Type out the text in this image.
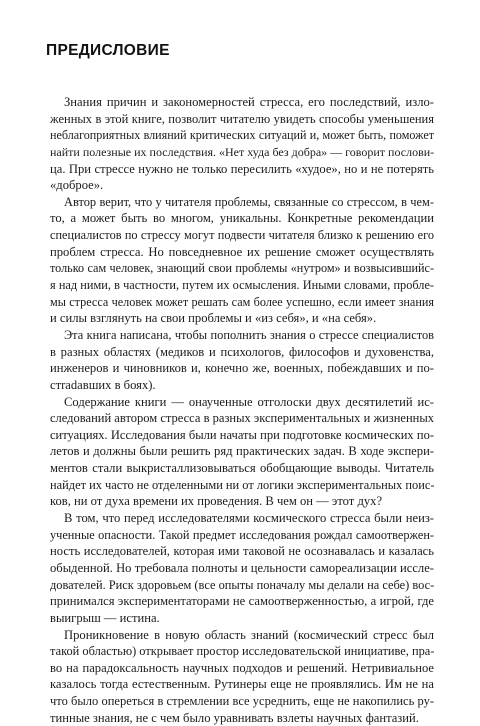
ПРЕДИСЛОВИЕ

Знания причин и закономерностей стресса, его последствий, изло-
женных в этой книге, позволит читателю увидеть способы уменьшения
неблагоприятных влияний критических ситуаций и, может быть, поможет
найти полезные их последствия. «Нет худа без добра» — говорит послови-
ца. При стрессе нужно не только пересилить «худое», но и не потерять
«доброе».

Автор верит, что у читателя проблемы, связанные со стрессом, в чем-
то, а может быть во многом, уникальны. Конкретные рекомендации
специалистов по стрессу могут подвести читателя близко к решению его
проблем стресса. Но повседневное их решение сможет осуществлять
только сам человек, знающий свои проблемы «нутром» и возвысившийс-
я над ними, в частности, путем их осмысления. Иными словами, пробле-
мы стресса человек может решать сам более успешно, если имеет знания
и силы взглянуть на свои проблемы и «из себя», и «на себя».

Эта книга написана, чтобы пополнить знания о стрессе специалистов
в разных областях (медиков и психологов, философов и духовенства,
инженеров и чиновников и, конечно же, военных, побеждавших и по-
стradавших в боях).

Содержание книги — онаученные отголоски двух десятилетий ис-
следований автором стресса в разных экспериментальных и жизненных
ситуациях. Исследования были начаты при подготовке космических по-
летов и должны были решить ряд практических задач. В ходе экспери-
ментов стали выкристаллизовываться обобщающие выводы. Читатель
найдет их часто не отделенными ни от логики экспериментальных поис-
ков, ни от духа времени их проведения. В чем он — этот дух?

В том, что перед исследователями космического стресса были неиз-
ученные опасности. Такой предмет исследования рождал самоотвержен-
ность исследователей, которая ими таковой не осознавалась и казалась
обыденной. Но требовала полноты и цельности самореализации иссле-
дователей. Риск здоровьем (все опыты поначалу мы делали на себе) вос-
принимался экспериментаторами не самоотверженностью, а игрой, где
выигрыш — истина.

Проникновение в новую область знаний (космический стресс был
такой областью) открывает простор исследовательской инициативе, пра-
во на парадоксальность научных подходов и решений. Нетривиальное
казалось тогда естественным. Рутинеры еще не проявлялись. Им не на
что было опереться в стремлении все усреднить, еще не накопились ру-
тинные знания, не с чем было уравнивать взлеты научных фантазий.
